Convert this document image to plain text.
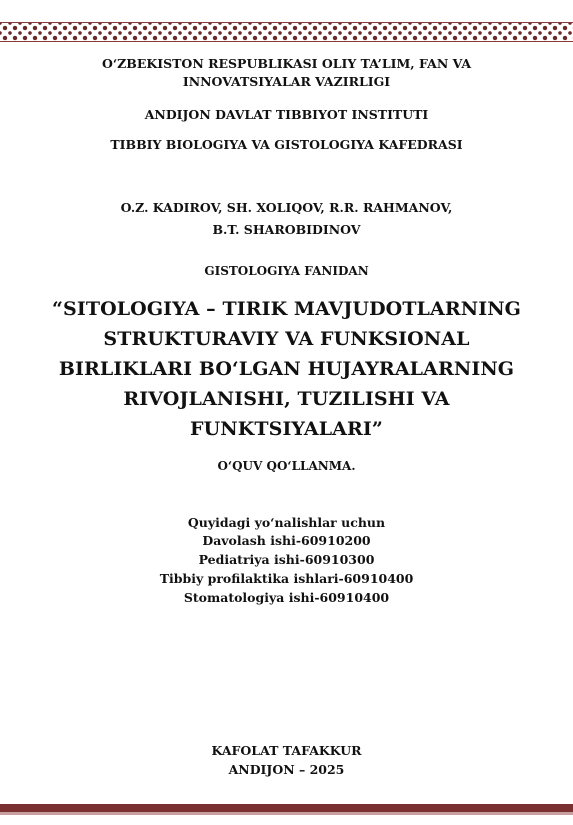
O‘ZBEKISTON RESPUBLIKASI OLIY TA’LIM, FAN VA
INNOVATSIYALAR VAZIRLIGI
ANDIJON DAVLAT TIBBIYOT INSTITUTI
TIBBIY BIOLOGIYA VA GISTOLOGIYA KAFEDRASI
O.Z. KADIROV, SH. XOLIQOV, R.R. RAHMANOV,
B.T. SHAROBIDINOV
GISTOLOGIYA FANIDAN
“SITOLOGIYA – TIRIK MAVJUDOTLARNING
STRUKTURAVIY VA FUNKSIONAL
BIRLIKLARI BO‘LGAN HUJAYRALARNING
RIVOJLANISHI, TUZILISHI VA
FUNKTSIYALARI”
O‘QUV QO‘LLANMA.
Quyidagi yo‘nalishlar uchun
Davolash ishi-60910200
Pediatriya ishi-60910300
Tibbiy profilaktika ishlari-60910400
Stomatologiya ishi-60910400
KAFOLAT TAFAKKUR
ANDIJON – 2025
